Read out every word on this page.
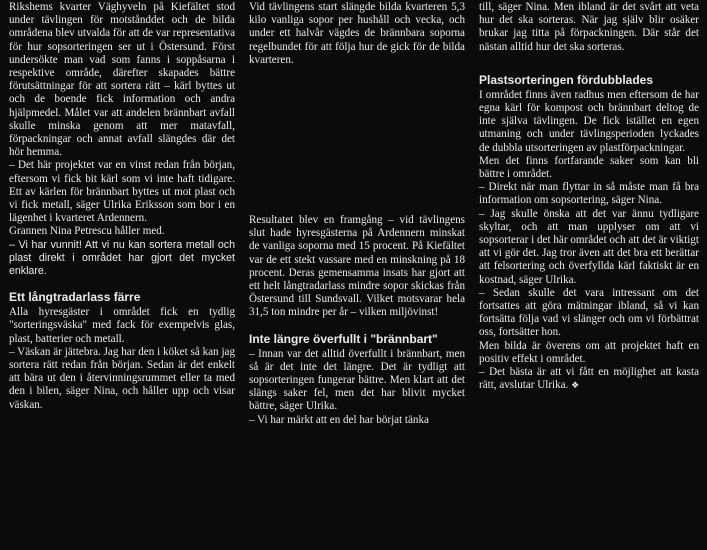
Rikshems kvarter Väghyveln på Kiefältet stod under tävlingen för motstånddet och de bilda områdena blev utvalda för att de var representativa för hur sopsorteringen ser ut i Östersund. Först undersökte man vad som fanns i soppåsarna i respektive område, därefter skapades bättre förutsättningar för att sortera rätt – kärl byttes ut och de boende fick information och andra hjälpmedel. Målet var att andelen brännbart avfall skulle minska genom att mer matavfall, förpackningar och annat avfall slängdes där det hör hemma.

– Det här projektet var en vinst redan från början, eftersom vi fick bit kärl som vi inte haft tidigare. Ett av kärlen för brännbart byttes ut mot plast och vi fick metall, säger Ulrika Eriksson som bor i en lägenhet i kvarteret Ardennern.

Grannen Nina Petrescu håller med.

– Vi har vunnit! Att vi nu kan sortera metall och plast direkt i området har gjort det mycket enklare.

Ett långtradarlass färre

Alla hyresgäster i området fick en tydlig "sorteringsväska" med fack för exempelvis glas, plast, batterier och metall.

– Väskan är jättebra. Jag har den i köket så kan jag sortera rätt redan från början. Sedan är det enkelt att bära ut den i återvinningsrummet eller ta med den i bilen, säger Nina, och håller upp och visar väskan.

Vid tävlingens start slängde bilda kvarteren 5,3 kilo vanliga sopor per hushåll och vecka, och under ett halvår vägdes de brännbara soporna regelbundet för att följa hur de gick för de bilda kvarteren.

Resultatet blev en framgång – vid tävlingens slut hade hyresgästerna på Ardennern minskat de vanliga soporna med 15 procent. På Kiefältet var de ett stekt vassare med en minskning på 18 procent. Deras gemensamma insats har gjort att ett helt långtradarlass mindre sopor skickas från Östersund till Sundsvall. Vilket motsvarar hela 31,5 ton mindre per år – vilken miljövinst!

Inte längre överfullt i "brännbart"

– Innan var det alltid överfullt i brännbart, men så är det inte det längre. Det är tydligt att sopsorteringen fungerar bättre. Men klart att det slängs saker fel, men det har blivit mycket bättre, säger Ulrika.

– Vi har märkt att en del har börjat tänka

till, säger Nina. Men ibland är det svårt att veta hur det ska sorteras. När jag själv blir osäker brukar jag titta på förpackningen. Där står det nästan alltid hur det ska sorteras.

Plastsorteringen fördubblades

I området finns även radhus men eftersom de har egna kärl för kompost och brännbart deltog de inte själva tävlingen. De fick istället en egen utmaning och under tävlingsperioden lyckades de dubbla utsorteringen av plastförpackningar.

Men det finns fortfarande saker som kan bli bättre i området.

– Direkt när man flyttar in så måste man få bra information om sopsortering, säger Nina.

– Jag skulle önska att det var ännu tydligare skyltar, och att man upplyser om att vi sopsorterar i det här området och att det är viktigt att vi gör det. Jag tror även att det bra ett berättar att felsortering och överfyllda kärl faktiskt är en kostnad, säger Ulrika.

– Sedan skulle det vara intressant om det fortsattes att göra mätningar ibland, så vi kan fortsätta följa vad vi slänger och om vi förbättrat oss, fortsätter hon.

Men bilda är överens om att projektet haft en positiv effekt i området.

– Det bästa är att vi fått en möjlighet att kasta rätt, avslutar Ulrika. ❖
